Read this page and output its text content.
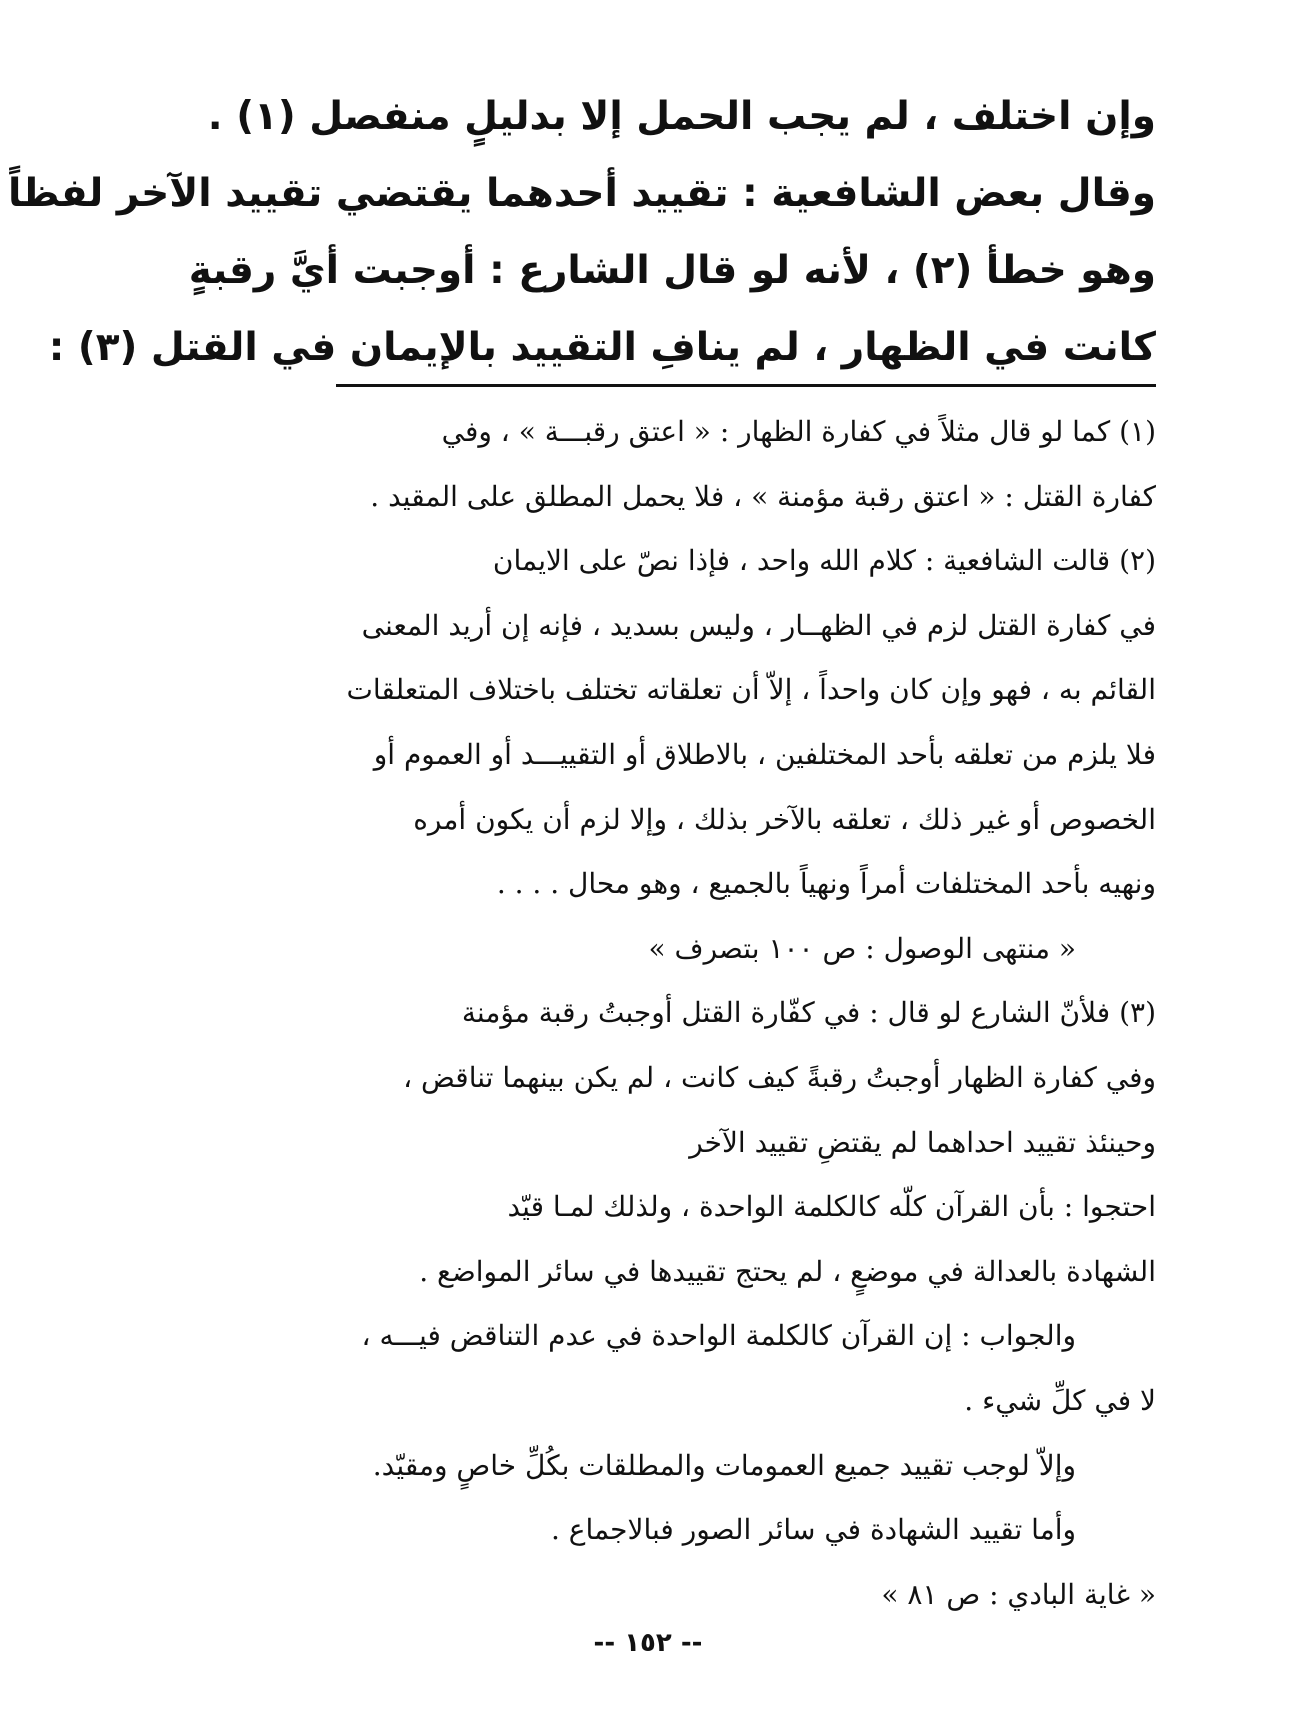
وإن اختلف ، لم يجب الحمل إلا بدليلٍ منفصل (١) .
وقال بعض الشافعية : تقييد أحدهما يقتضي تقييد الآخر لفظاً
وهو خطأ (٢) ، لأنه لو قال الشارع : أوجبت أيَّ رقبةٍ
كانت في الظهار ، لم ينافِ التقييد بالإيمان في القتل (٣) :
(١) كما لو قال مثلاً في كفارة الظهار : « اعتق رقبـــة » ، وفي
كفارة القتل : « اعتق رقبة مؤمنة » ، فلا يحمل المطلق على المقيد .
(٢) قالت الشافعية : كلام الله واحد ، فإذا نصّ على الايمان
في كفارة القتل لزم في الظهــار ، وليس بسديد ، فإنه إن أريد المعنى
القائم به ، فهو وإن كان واحداً ، إلاّ أن تعلقاته تختلف باختلاف المتعلقات
فلا يلزم من تعلقه بأحد المختلفين ، بالاطلاق أو التقييـــد أو العموم أو
الخصوص أو غير ذلك ، تعلقه بالآخر بذلك ، وإلا لزم أن يكون أمره
ونهيه بأحد المختلفات أمراً ونهياً بالجميع ، وهو محال . . . .
« منتهى الوصول : ص ١٠٠ بتصرف »
(٣) فلأنّ الشارع لو قال : في كفّارة القتل أوجبتُ رقبة مؤمنة
وفي كفارة الظهار أوجبتُ رقبةً كيف كانت ، لم يكن بينهما تناقض ،
وحينئذ تقييد احداهما لم يقتضِ تقييد الآخر
احتجوا : بأن القرآن كلّه كالكلمة الواحدة ، ولذلك لمـا قيّد
الشهادة بالعدالة في موضعٍ ، لم يحتج تقييدها في سائر المواضع .
والجواب : إن القرآن كالكلمة الواحدة في عدم التناقض فيـــه ،
لا في كلِّ شيء .
وإلاّ لوجب تقييد جميع العمومات والمطلقات بكُلِّ خاصٍ ومقيّد.
وأما تقييد الشهادة في سائر الصور فبالاجماع .
« غاية البادي : ص ٨١ »
-- ١٥٢ --
